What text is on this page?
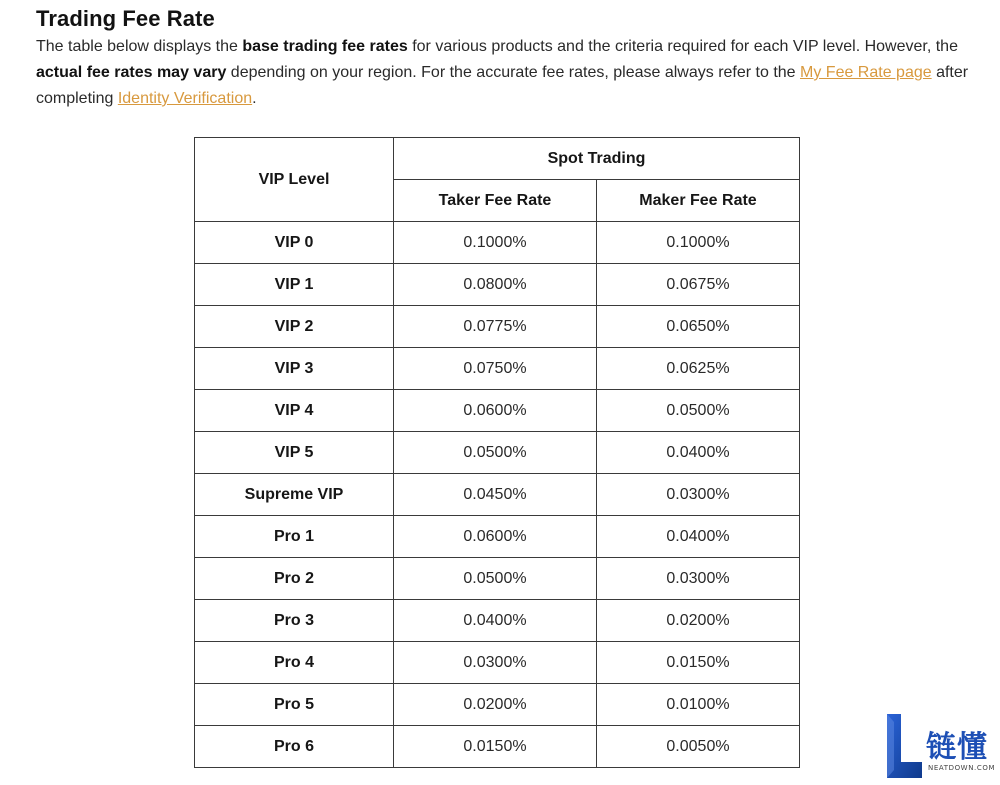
Trading Fee Rate

The table below displays the base trading fee rates for various products and the criteria required for each VIP level. However, the actual fee rates may vary depending on your region. For the accurate fee rates, please always refer to the My Fee Rate page after completing Identity Verification.

VIP Level	Spot Trading	
	Taker Fee Rate	Maker Fee Rate
VIP 0	0.1000%	0.1000%
VIP 1	0.0800%	0.0675%
VIP 2	0.0775%	0.0650%
VIP 3	0.0750%	0.0625%
VIP 4	0.0600%	0.0500%
VIP 5	0.0500%	0.0400%
Supreme VIP	0.0450%	0.0300%
Pro 1	0.0600%	0.0400%
Pro 2	0.0500%	0.0300%
Pro 3	0.0400%	0.0200%
Pro 4	0.0300%	0.0150%
Pro 5	0.0200%	0.0100%
Pro 6	0.0150%	0.0050%	链懂
NEATDOWN.COM
